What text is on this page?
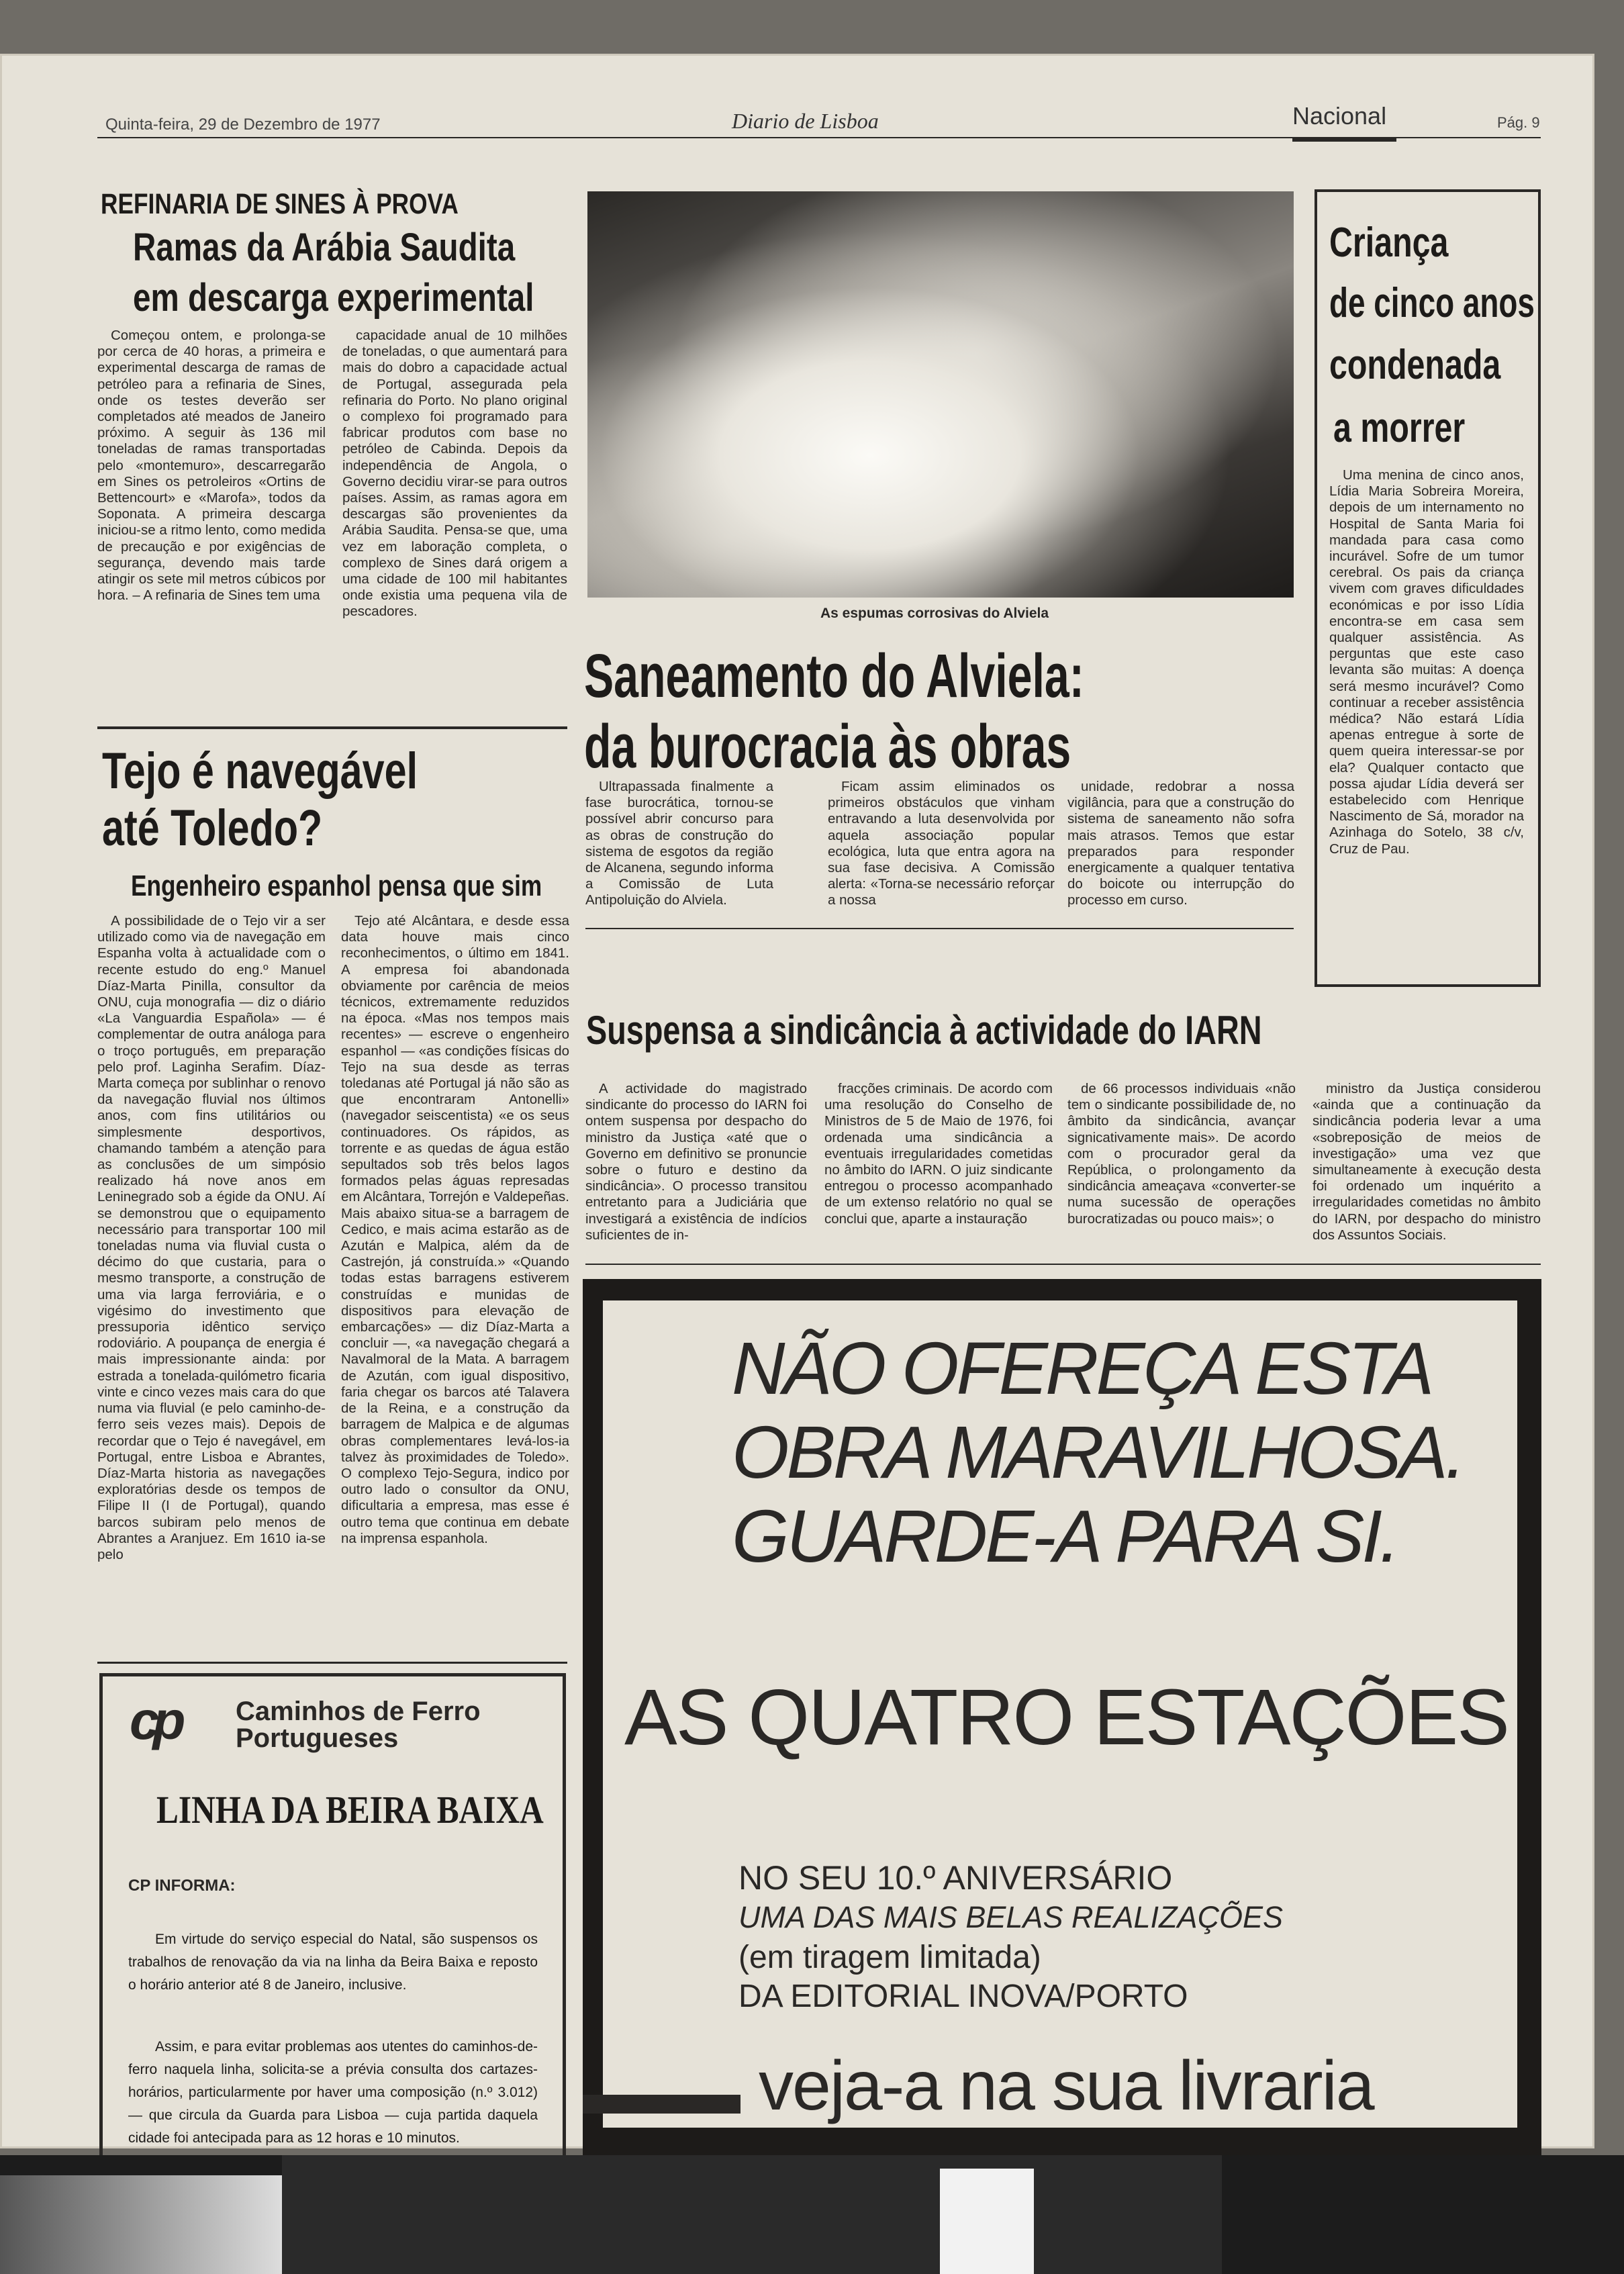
Quinta-feira, 29 de Dezembro de 1977	Diario de Lisboa	Nacional	Pág. 9
REFINARIA DE SINES À PROVA
Ramas da Arábia Saudita
em descarga experimental

Começou ontem, e prolonga-se por cerca de 40 horas, a primeira e experimental descarga de ramas de petróleo para a refinaria de Sines, onde os testes deverão ser completados até meados de Janeiro próximo. A seguir às 136 mil toneladas de ramas transportadas pelo «montemuro», descarregarão em Sines os petroleiros «Ortins de Bettencourt» e «Marofa», todos da Soponata. A primeira descarga iniciou-se a ritmo lento, como medida de precaução e por exigências de segurança, devendo mais tarde atingir os sete mil metros cúbicos por hora. – A refinaria de Sines tem uma

capacidade anual de 10 milhões de toneladas, o que aumentará para mais do dobro a capacidade actual de Portugal, assegurada pela refinaria do Porto. No plano original o complexo foi programado para fabricar produtos com base no petróleo de Cabinda. Depois da independência de Angola, o Governo decidiu virar-se para outros países. Assim, as ramas agora em descargas são provenientes da Arábia Saudita. Pensa-se que, uma vez em laboração completa, o complexo de Sines dará origem a uma cidade de 100 mil habitantes onde existia uma pequena vila de pescadores.

Tejo é navegável
até Toledo?
Engenheiro espanhol pensa que sim

A possibilidade de o Tejo vir a ser utilizado como via de navegação em Espanha volta à actualidade com o recente estudo do eng.º Manuel Díaz-Marta Pinilla, consultor da ONU, cuja monografia — diz o diário «La Vanguardia Española» — é complementar de outra análoga para o troço português, em preparação pelo prof. Laginha Serafim. Díaz-Marta começa por sublinhar o renovo da navegação fluvial nos últimos anos, com fins utilitários ou simplesmente desportivos, chamando também a atenção para as conclusões de um simpósio realizado há nove anos em Leninegrado sob a égide da ONU. Aí se demonstrou que o equipamento necessário para transportar 100 mil toneladas numa via fluvial custa o décimo do que custaria, para o mesmo transporte, a construção de uma via larga ferroviária, e o vigésimo do investimento que pressuporia idêntico serviço rodoviário. A poupança de energia é mais impressionante ainda: por estrada a tonelada-quilómetro ficaria vinte e cinco vezes mais cara do que numa via fluvial (e pelo caminho-de-ferro seis vezes mais). Depois de recordar que o Tejo é navegável, em Portugal, entre Lisboa e Abrantes, Díaz-Marta historia as navegações exploratórias desde os tempos de Filipe II (I de Portugal), quando barcos subiram pelo menos de Abrantes a Aranjuez. Em 1610 ia-se pelo

Tejo até Alcântara, e desde essa data houve mais cinco reconhecimentos, o último em 1841. A empresa foi abandonada obviamente por carência de meios técnicos, extremamente reduzidos na época. «Mas nos tempos mais recentes» — escreve o engenheiro espanhol — «as condições físicas do Tejo na sua desde as terras toledanas até Portugal já não são as que encontraram Antonelli» (navegador seiscentista) «e os seus continuadores. Os rápidos, as torrente e as quedas de água estão sepultados sob três belos lagos formados pelas águas represadas em Alcântara, Torrejón e Valdepeñas. Mais abaixo situa-se a barragem de Cedico, e mais acima estarão as de Azután e Malpica, além da de Castrejón, já construída.» «Quando todas estas barragens estiverem construídas e munidas de dispositivos para elevação de embarcações» — diz Díaz-Marta a concluir —, «a navegação chegará a Navalmoral de la Mata. A barragem de Azután, com igual dispositivo, faria chegar os barcos até Talavera de la Reina, e a construção da barragem de Malpica e de algumas obras complementares levá-los-ia talvez às proximidades de Toledo». O complexo Tejo-Segura, indico por outro lado o consultor da ONU, dificultaria a empresa, mas esse é outro tema que continua em debate na imprensa espanhola.

cp Caminhos de Ferro
Portugueses
LINHA DA BEIRA BAIXA
CP INFORMA:
Em virtude do serviço especial do Natal, são suspensos os trabalhos de renovação da via na linha da Beira Baixa e reposto o horário anterior até 8 de Janeiro, inclusive.
Assim, e para evitar problemas aos utentes do caminhos-de-ferro naquela linha, solicita-se a prévia consulta dos cartazes-horários, particularmente por haver uma composição (n.º 3.012) — que circula da Guarda para Lisboa — cuja partida daquela cidade foi antecipada para as 12 horas e 10 minutos.
As espumas corrosivas do Alviela
Saneamento do Alviela:
da burocracia às obras

Ultrapassada finalmente a fase burocrática, tornou-se possível abrir concurso para as obras de construção do sistema de esgotos da região de Alcanena, segundo informa a Comissão de Luta Antipoluição do Alviela.

Ficam assim eliminados os primeiros obstáculos que vinham entravando a luta desenvolvida por aquela associação popular ecológica, luta que entra agora na sua fase decisiva. A Comissão alerta: «Torna-se necessário reforçar a nossa

unidade, redobrar a nossa vigilância, para que a construção do sistema de saneamento não sofra mais atrasos. Temos que estar preparados para responder energicamente a qualquer tentativa do boicote ou interrupção do processo em curso.

Criança
de cinco anos
condenada
a morrer

Uma menina de cinco anos, Lídia Maria Sobreira Moreira, depois de um internamento no Hospital de Santa Maria foi mandada para casa como incurável. Sofre de um tumor cerebral. Os pais da criança vivem com graves dificuldades económicas e por isso Lídia encontra-se em casa sem qualquer assistência. As perguntas que este caso levanta são muitas: A doença será mesmo incurável? Como continuar a receber assistência médica? Não estará Lídia apenas entregue à sorte de quem queira interessar-se por ela? Qualquer contacto que possa ajudar Lídia deverá ser estabelecido com Henrique Nascimento de Sá, morador na Azinhaga do Sotelo, 38 c/v, Cruz de Pau.

Suspensa a sindicância à actividade do IARN

A actividade do magistrado sindicante do processo do IARN foi ontem suspensa por despacho do ministro da Justiça «até que o Governo em definitivo se pronuncie sobre o futuro e destino da sindicância». O processo transitou entretanto para a Judiciária que investigará a existência de indícios suficientes de in-

fracções criminais. De acordo com uma resolução do Conselho de Ministros de 5 de Maio de 1976, foi ordenada uma sindicância a eventuais irregularidades cometidas no âmbito do IARN. O juiz sindicante entregou o processo acompanhado de um extenso relatório no qual se conclui que, aparte a instauração

de 66 processos individuais «não tem o sindicante possibilidade de, no âmbito da sindicância, avançar signicativamente mais». De acordo com o procurador geral da República, o prolongamento da sindicância ameaçava «converter-se numa sucessão de operações burocratizadas ou pouco mais»; o

ministro da Justiça considerou «ainda que a continuação da sindicância poderia levar a uma «sobreposição de meios de investigação» uma vez que simultaneamente à execução desta foi ordenado um inquérito a irregularidades cometidas no âmbito do IARN, por despacho do ministro dos Assuntos Sociais.

NÃO OFEREÇA ESTA
OBRA MARAVILHOSA.
GUARDE-A PARA SI.
AS QUATRO ESTAÇÕES
NO SEU 10.º ANIVERSÁRIO
UMA DAS MAIS BELAS REALIZAÇÕES
(em tiragem limitada)
DA EDITORIAL INOVA/PORTO
veja-a na sua livraria
